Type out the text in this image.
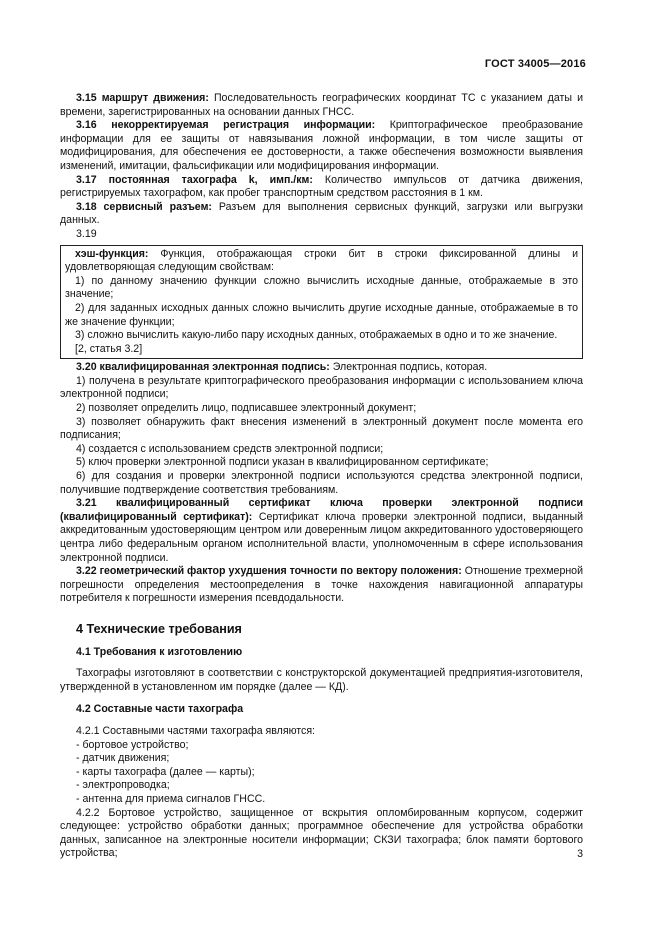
ГОСТ 34005—2016

3.15 маршрут движения: Последовательность географических координат ТС с указанием даты и времени, зарегистрированных на основании данных ГНСС.

3.16 некорректируемая регистрация информации: Криптографическое преобразование информации для ее защиты от навязывания ложной информации, в том числе защиты от модифицирования, для обеспечения ее достоверности, а также обеспечения возможности выявления изменений, имитации, фальсификации или модифицирования информации.

3.17 постоянная тахографа k, имп./км: Количество импульсов от датчика движения, регистрируемых тахографом, как пробег транспортным средством расстояния в 1 км.

3.18 сервисный разъем: Разъем для выполнения сервисных функций, загрузки или выгрузки данных.

3.19

хэш-функция: Функция, отображающая строки бит в строки фиксированной длины и удовлетворяющая следующим свойствам:

1) по данному значению функции сложно вычислить исходные данные, отображаемые в это значение;

2) для заданных исходных данных сложно вычислить другие исходные данные, отображаемые в то же значение функции;

3) сложно вычислить какую-либо пару исходных данных, отображаемых в одно и то же значение.

[2, статья 3.2]

3.20 квалифицированная электронная подпись: Электронная подпись, которая.

1) получена в результате криптографического преобразования информации с использованием ключа электронной подписи;

2) позволяет определить лицо, подписавшее электронный документ;

3) позволяет обнаружить факт внесения изменений в электронный документ после момента его подписания;

4) создается с использованием средств электронной подписи;

5) ключ проверки электронной подписи указан в квалифицированном сертификате;

6) для создания и проверки электронной подписи используются средства электронной подписи, получившие подтверждение соответствия требованиям.

3.21 квалифицированный сертификат ключа проверки электронной подписи (квалифицированный сертификат): Сертификат ключа проверки электронной подписи, выданный аккредитованным удостоверяющим центром или доверенным лицом аккредитованного удостоверяющего центра либо федеральным органом исполнительной власти, уполномоченным в сфере использования электронной подписи.

3.22 геометрический фактор ухудшения точности по вектору положения: Отношение трехмерной погрешности определения местоопределения в точке нахождения навигационной аппаратуры потребителя к погрешности измерения псевдодальности.

4 Технические требования
4.1 Требования к изготовлению

Тахографы изготовляют в соответствии с конструкторской документацией предприятия-изготовителя, утвержденной в установленном им порядке (далее — КД).

4.2 Составные части тахографа

4.2.1 Составными частями тахографа являются:

- бортовое устройство;

- датчик движения;

- карты тахографа (далее — карты);

- электропроводка;

- антенна для приема сигналов ГНСС.

4.2.2 Бортовое устройство, защищенное от вскрытия опломбированным корпусом, содержит следующее: устройство обработки данных; программное обеспечение для устройства обработки данных, записанное на электронные носители информации; СКЗИ тахографа; блок памяти бортового устройства;	3
